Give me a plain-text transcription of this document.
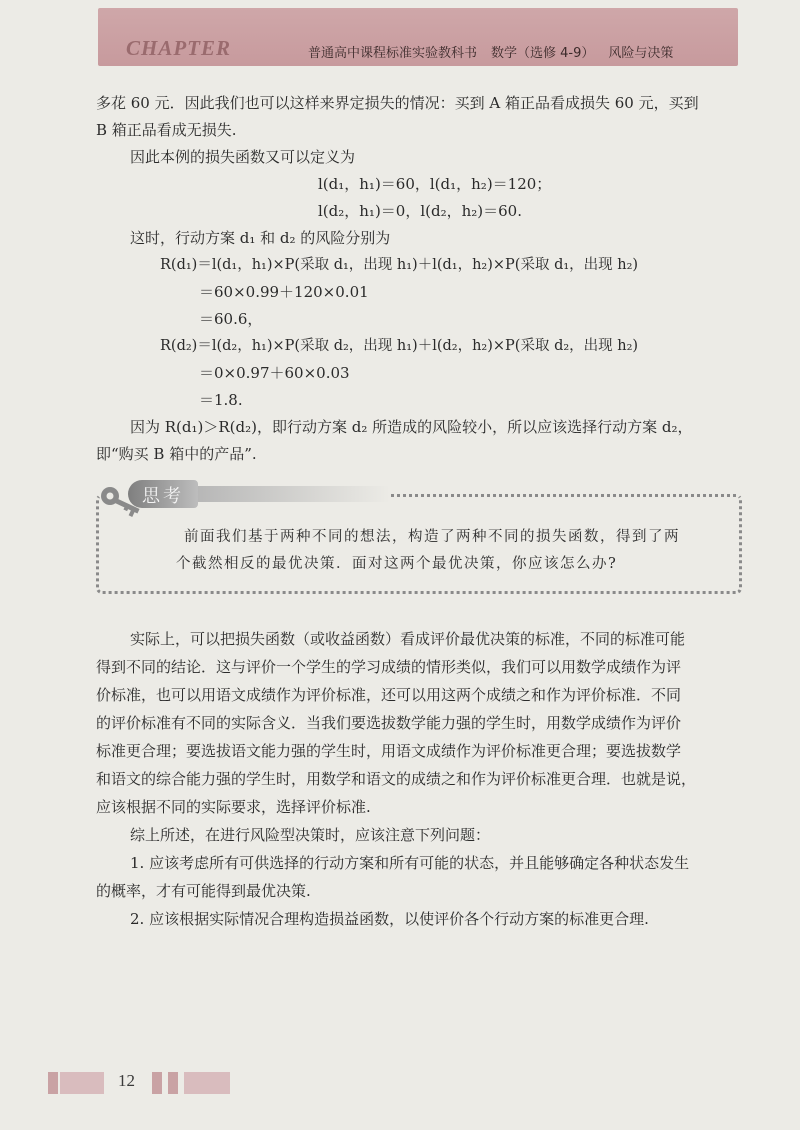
CHAPTER	普通高中课程标准实验教科书 数学（选修 4-9） 风险与决策
多花 60 元．因此我们也可以这样来界定损失的情况：买到 A 箱正品看成损失 60 元，买到
B 箱正品看成无损失.
因此本例的损失函数又可以定义为
l(d₁，h₁)＝60，l(d₁，h₂)＝120；
l(d₂，h₁)＝0，l(d₂，h₂)＝60.
这时，行动方案 d₁ 和 d₂ 的风险分别为
R(d₁)＝l(d₁，h₁)×P(采取 d₁，出现 h₁)＋l(d₁，h₂)×P(采取 d₁，出现 h₂)
＝60×0.99＋120×0.01
＝60.6，
R(d₂)＝l(d₂，h₁)×P(采取 d₂，出现 h₁)＋l(d₂，h₂)×P(采取 d₂，出现 h₂)
＝0×0.97＋60×0.03
＝1.8.
因为 R(d₁)＞R(d₂)，即行动方案 d₂ 所造成的风险较小，所以应该选择行动方案 d₂，
即“购买 B 箱中的产品”.
思考
前面我们基于两种不同的想法，构造了两种不同的损失函数，得到了两
个截然相反的最优决策．面对这两个最优决策，你应该怎么办?
实际上，可以把损失函数（或收益函数）看成评价最优决策的标准，不同的标准可能
得到不同的结论．这与评价一个学生的学习成绩的情形类似，我们可以用数学成绩作为评
价标准，也可以用语文成绩作为评价标准，还可以用这两个成绩之和作为评价标准．不同
的评价标准有不同的实际含义．当我们要选拔数学能力强的学生时，用数学成绩作为评价
标准更合理；要选拔语文能力强的学生时，用语文成绩作为评价标准更合理；要选拔数学
和语文的综合能力强的学生时，用数学和语文的成绩之和作为评价标准更合理．也就是说，
应该根据不同的实际要求，选择评价标准.
综上所述，在进行风险型决策时，应该注意下列问题：
1. 应该考虑所有可供选择的行动方案和所有可能的状态，并且能够确定各种状态发生
的概率，才有可能得到最优决策.
2. 应该根据实际情况合理构造损益函数，以使评价各个行动方案的标准更合理.
12
